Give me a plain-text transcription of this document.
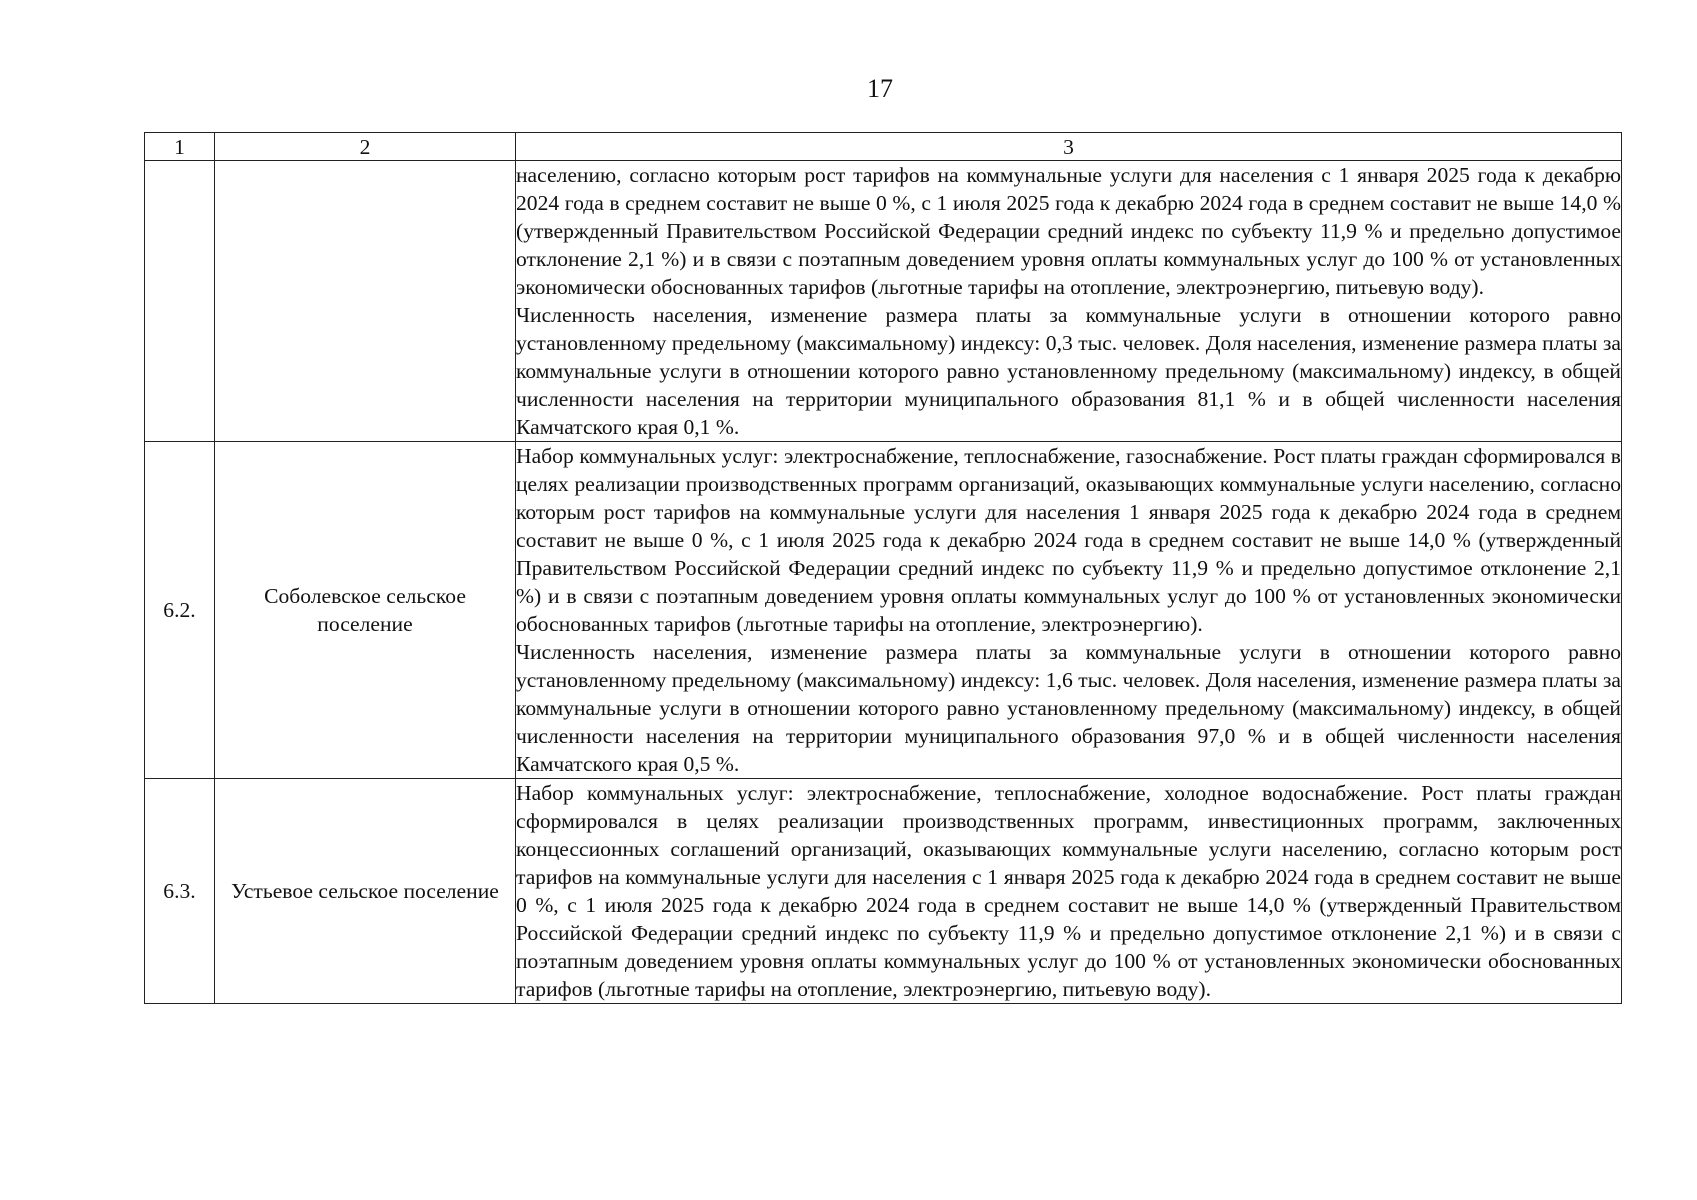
17
1	2	3

		населению, согласно которым рост тарифов на коммунальные услуги для населения с 1 января 2025 года к декабрю 2024 года в среднем составит не выше 0 %, с 1 июля 2025 года к декабрю 2024 года в среднем составит не выше 14,0 % (утвержденный Правительством Российской Федерации средний индекс по субъекту 11,9 % и предельно допустимое отклонение 2,1 %) и в связи с поэтапным доведением уровня оплаты коммунальных услуг до 100 % от установленных экономически обоснованных тарифов (льготные тарифы на отопление, электроэнергию, питьевую воду).

Численность населения, изменение размера платы за коммунальные услуги в отношении которого равно установленному предельному (максимальному) индексу: 0,3 тыс. человек. Доля населения, изменение размера платы за коммунальные услуги в отношении которого равно установленному предельному (максимальному) индексу, в общей численности населения на территории муниципального образования 81,1 % и в общей численности населения Камчатского края 0,1 %.

6.2.	Соболевское сельское поселение	Набор коммунальных услуг: электроснабжение, теплоснабжение, газоснабжение. Рост платы граждан сформировался в целях реализации производственных программ организаций, оказывающих коммунальные услуги населению, согласно которым рост тарифов на коммунальные услуги для населения 1 января 2025 года к декабрю 2024 года в среднем составит не выше 0 %, с 1 июля 2025 года к декабрю 2024 года в среднем составит не выше 14,0 % (утвержденный Правительством Российской Федерации средний индекс по субъекту 11,9 % и предельно допустимое отклонение 2,1 %) и в связи с поэтапным доведением уровня оплаты коммунальных услуг до 100 % от установленных экономически обоснованных тарифов (льготные тарифы на отопление, электроэнергию).

Численность населения, изменение размера платы за коммунальные услуги в отношении которого равно установленному предельному (максимальному) индексу: 1,6 тыс. человек. Доля населения, изменение размера платы за коммунальные услуги в отношении которого равно установленному предельному (максимальному) индексу, в общей численности населения на территории муниципального образования 97,0 % и в общей численности населения Камчатского края 0,5 %.

6.3.	Устьевое сельское поселение	Набор коммунальных услуг: электроснабжение, теплоснабжение, холодное водоснабжение. Рост платы граждан сформировался в целях реализации производственных программ, инвестиционных программ, заключенных концессионных соглашений организаций, оказывающих коммунальные услуги населению, согласно которым рост тарифов на коммунальные услуги для населения с 1 января 2025 года к декабрю 2024 года в среднем составит не выше 0 %, с 1 июля 2025 года к декабрю 2024 года в среднем составит не выше 14,0 % (утвержденный Правительством Российской Федерации средний индекс по субъекту 11,9 % и предельно допустимое отклонение 2,1 %) и в связи с поэтапным доведением уровня оплаты коммунальных услуг до 100 % от установленных экономически обоснованных тарифов (льготные тарифы на отопление, электроэнергию, питьевую воду).
